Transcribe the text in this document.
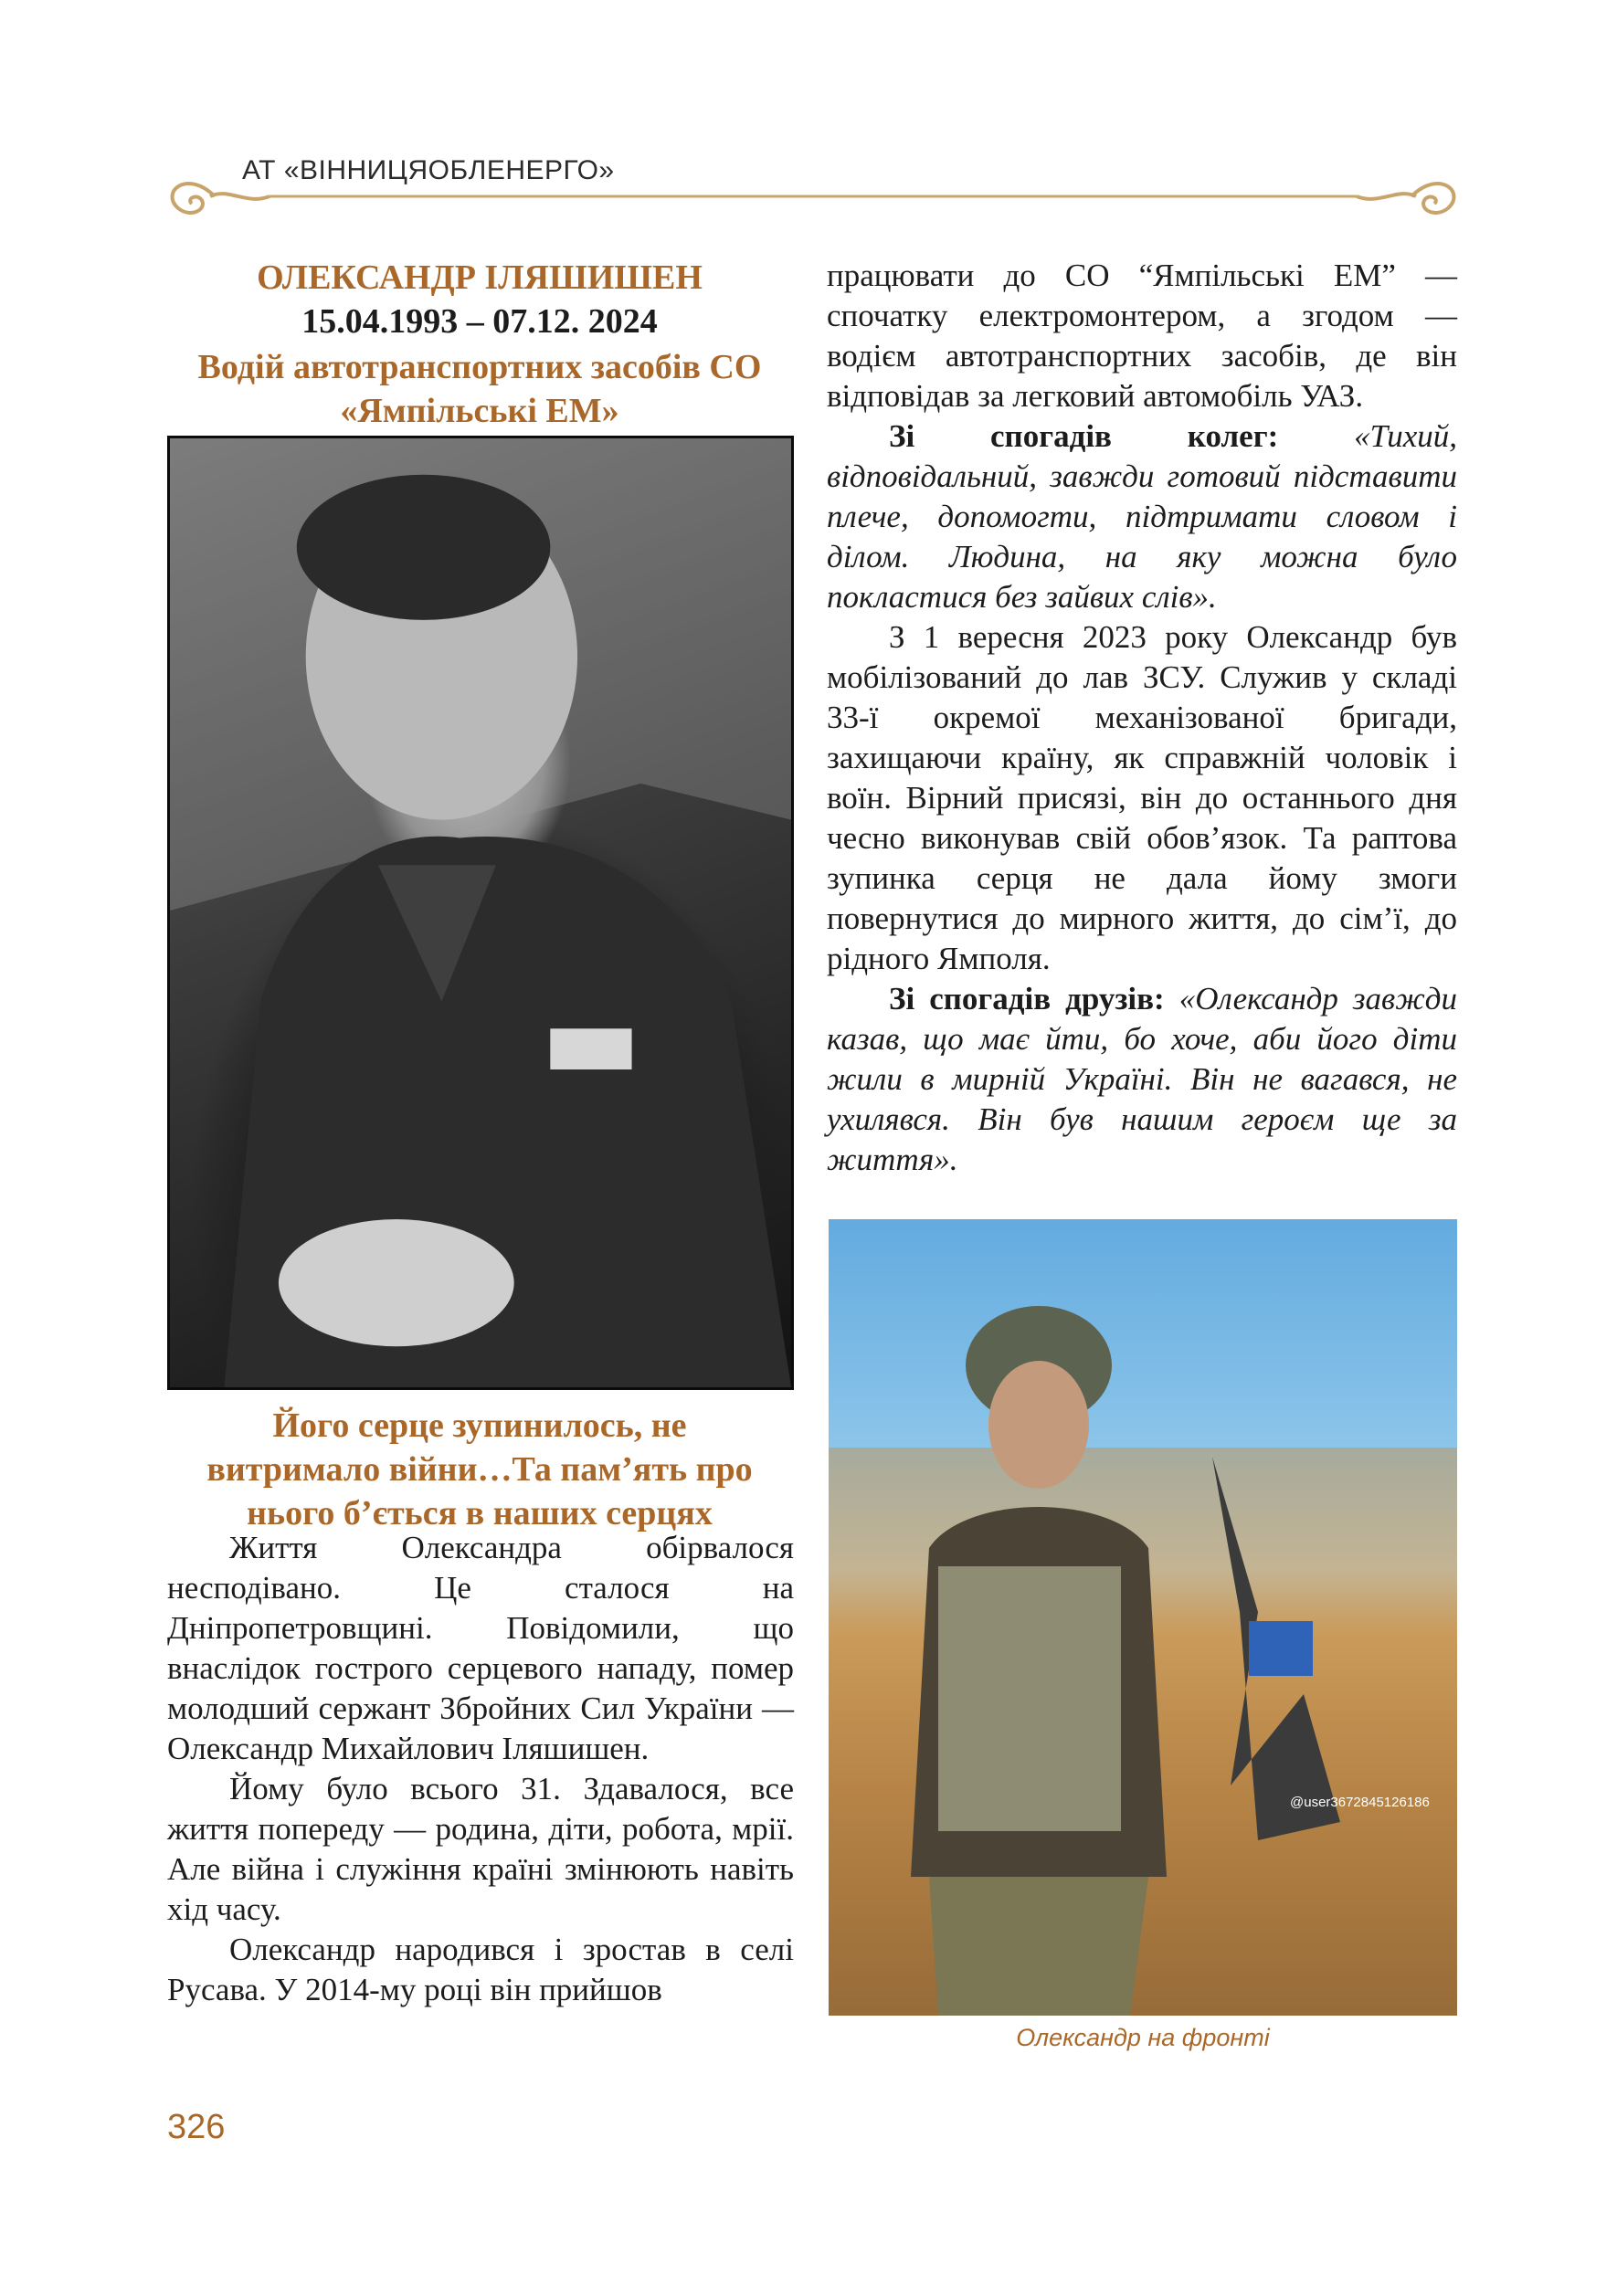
АТ «ВІННИЦЯОБЛЕНЕРГО»
ОЛЕКСАНДР ІЛЯШИШЕН
15.04.1993 – 07.12. 2024
Водій автотранспортних засобів СО
«Ямпільські ЕМ»
Його серце зупинилось, не
витримало війни…Та пам’ять про
нього б’ється в наших серцях

Життя Олександра обірвалося несподівано. Це сталося на Дніпропетровщині. Повідомили, що внаслідок гострого серцевого нападу, помер молодший сержант Збройних Сил України — Олександр Михайлович Іляшишен.

Йому було всього 31. Здавалося, все життя попереду — родина, діти, робота, мрії. Але війна і служіння країні змінюють навіть хід часу.

Олександр народився і зростав в селі Русава. У 2014-му році він прийшов

працювати до СО “Ямпільські ЕМ” — спочатку електромонтером, а згодом — водієм автотранспортних засобів, де він відповідав за легковий автомобіль УАЗ.

Зі спогадів колег: «Тихий, відповідальний, завжди готовий підставити плече, допомогти, підтримати словом і ділом. Людина, на яку можна було покластися без зайвих слів».

З 1 вересня 2023 року Олександр був мобілізований до лав ЗСУ. Служив у складі 33-ї окремої механізованої бригади, захищаючи країну, як справжній чоловік і воїн. Вірний присязі, він до останнього дня чесно виконував свій обов’язок. Та раптова зупинка серця не дала йому змоги повернутися до мирного життя, до сім’ї, до рідного Ямполя.

Зі спогадів друзів: «Олександр завжди казав, що має йти, бо хоче, аби його діти жили в мирній Україні. Він не вагався, не ухилявся. Він був нашим героєм ще за життя».

@user3672845126186
Олександр на фронті
326
